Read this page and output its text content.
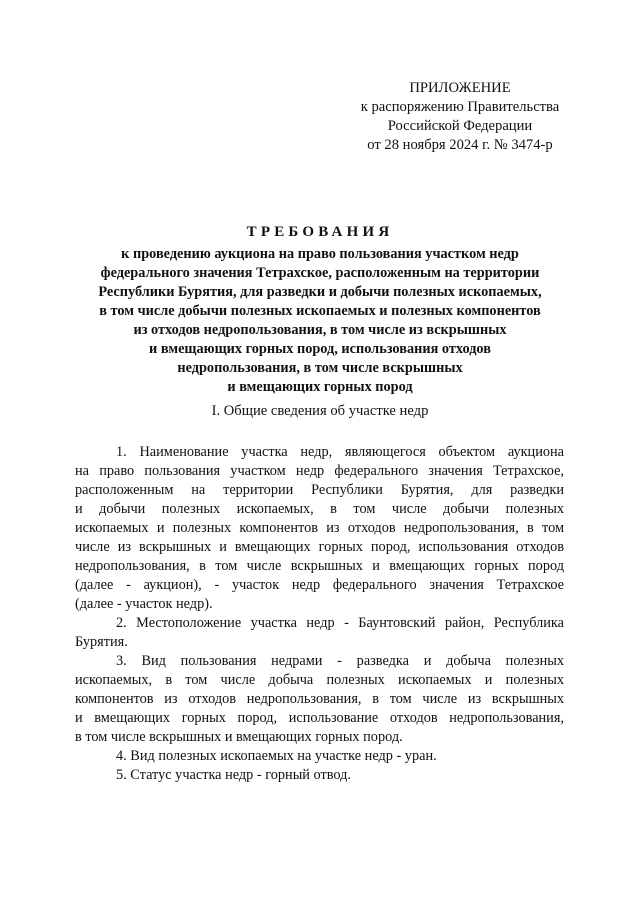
ПРИЛОЖЕНИЕ
к распоряжению Правительства
Российской Федерации
от 28 ноября 2024 г. № 3474-р
ТРЕБОВАНИЯ
к проведению аукциона на право пользования участком недр
федерального значения Тетрахское, расположенным на территории
Республики Бурятия, для разведки и добычи полезных ископаемых,
в том числе добычи полезных ископаемых и полезных компонентов
из отходов недропользования, в том числе из вскрышных
и вмещающих горных пород, использования отходов
недропользования, в том числе вскрышных
и вмещающих горных пород
I. Общие сведения об участке недр
1. Наименование участка недр, являющегося объектом аукциона
на право пользования участком недр федерального значения Тетрахское,
расположенным на территории Республики Бурятия, для разведки
и добычи полезных ископаемых, в том числе добычи полезных
ископаемых и полезных компонентов из отходов недропользования, в том
числе из вскрышных и вмещающих горных пород, использования отходов
недропользования, в том числе вскрышных и вмещающих горных пород
(далее - аукцион), - участок недр федерального значения Тетрахское
(далее - участок недр).
2. Местоположение участка недр - Баунтовский район, Республика
Бурятия.
3. Вид пользования недрами - разведка и добыча полезных
ископаемых, в том числе добыча полезных ископаемых и полезных
компонентов из отходов недропользования, в том числе из вскрышных
и вмещающих горных пород, использование отходов недропользования,
в том числе вскрышных и вмещающих горных пород.
4. Вид полезных ископаемых на участке недр - уран.
5. Статус участка недр - горный отвод.
